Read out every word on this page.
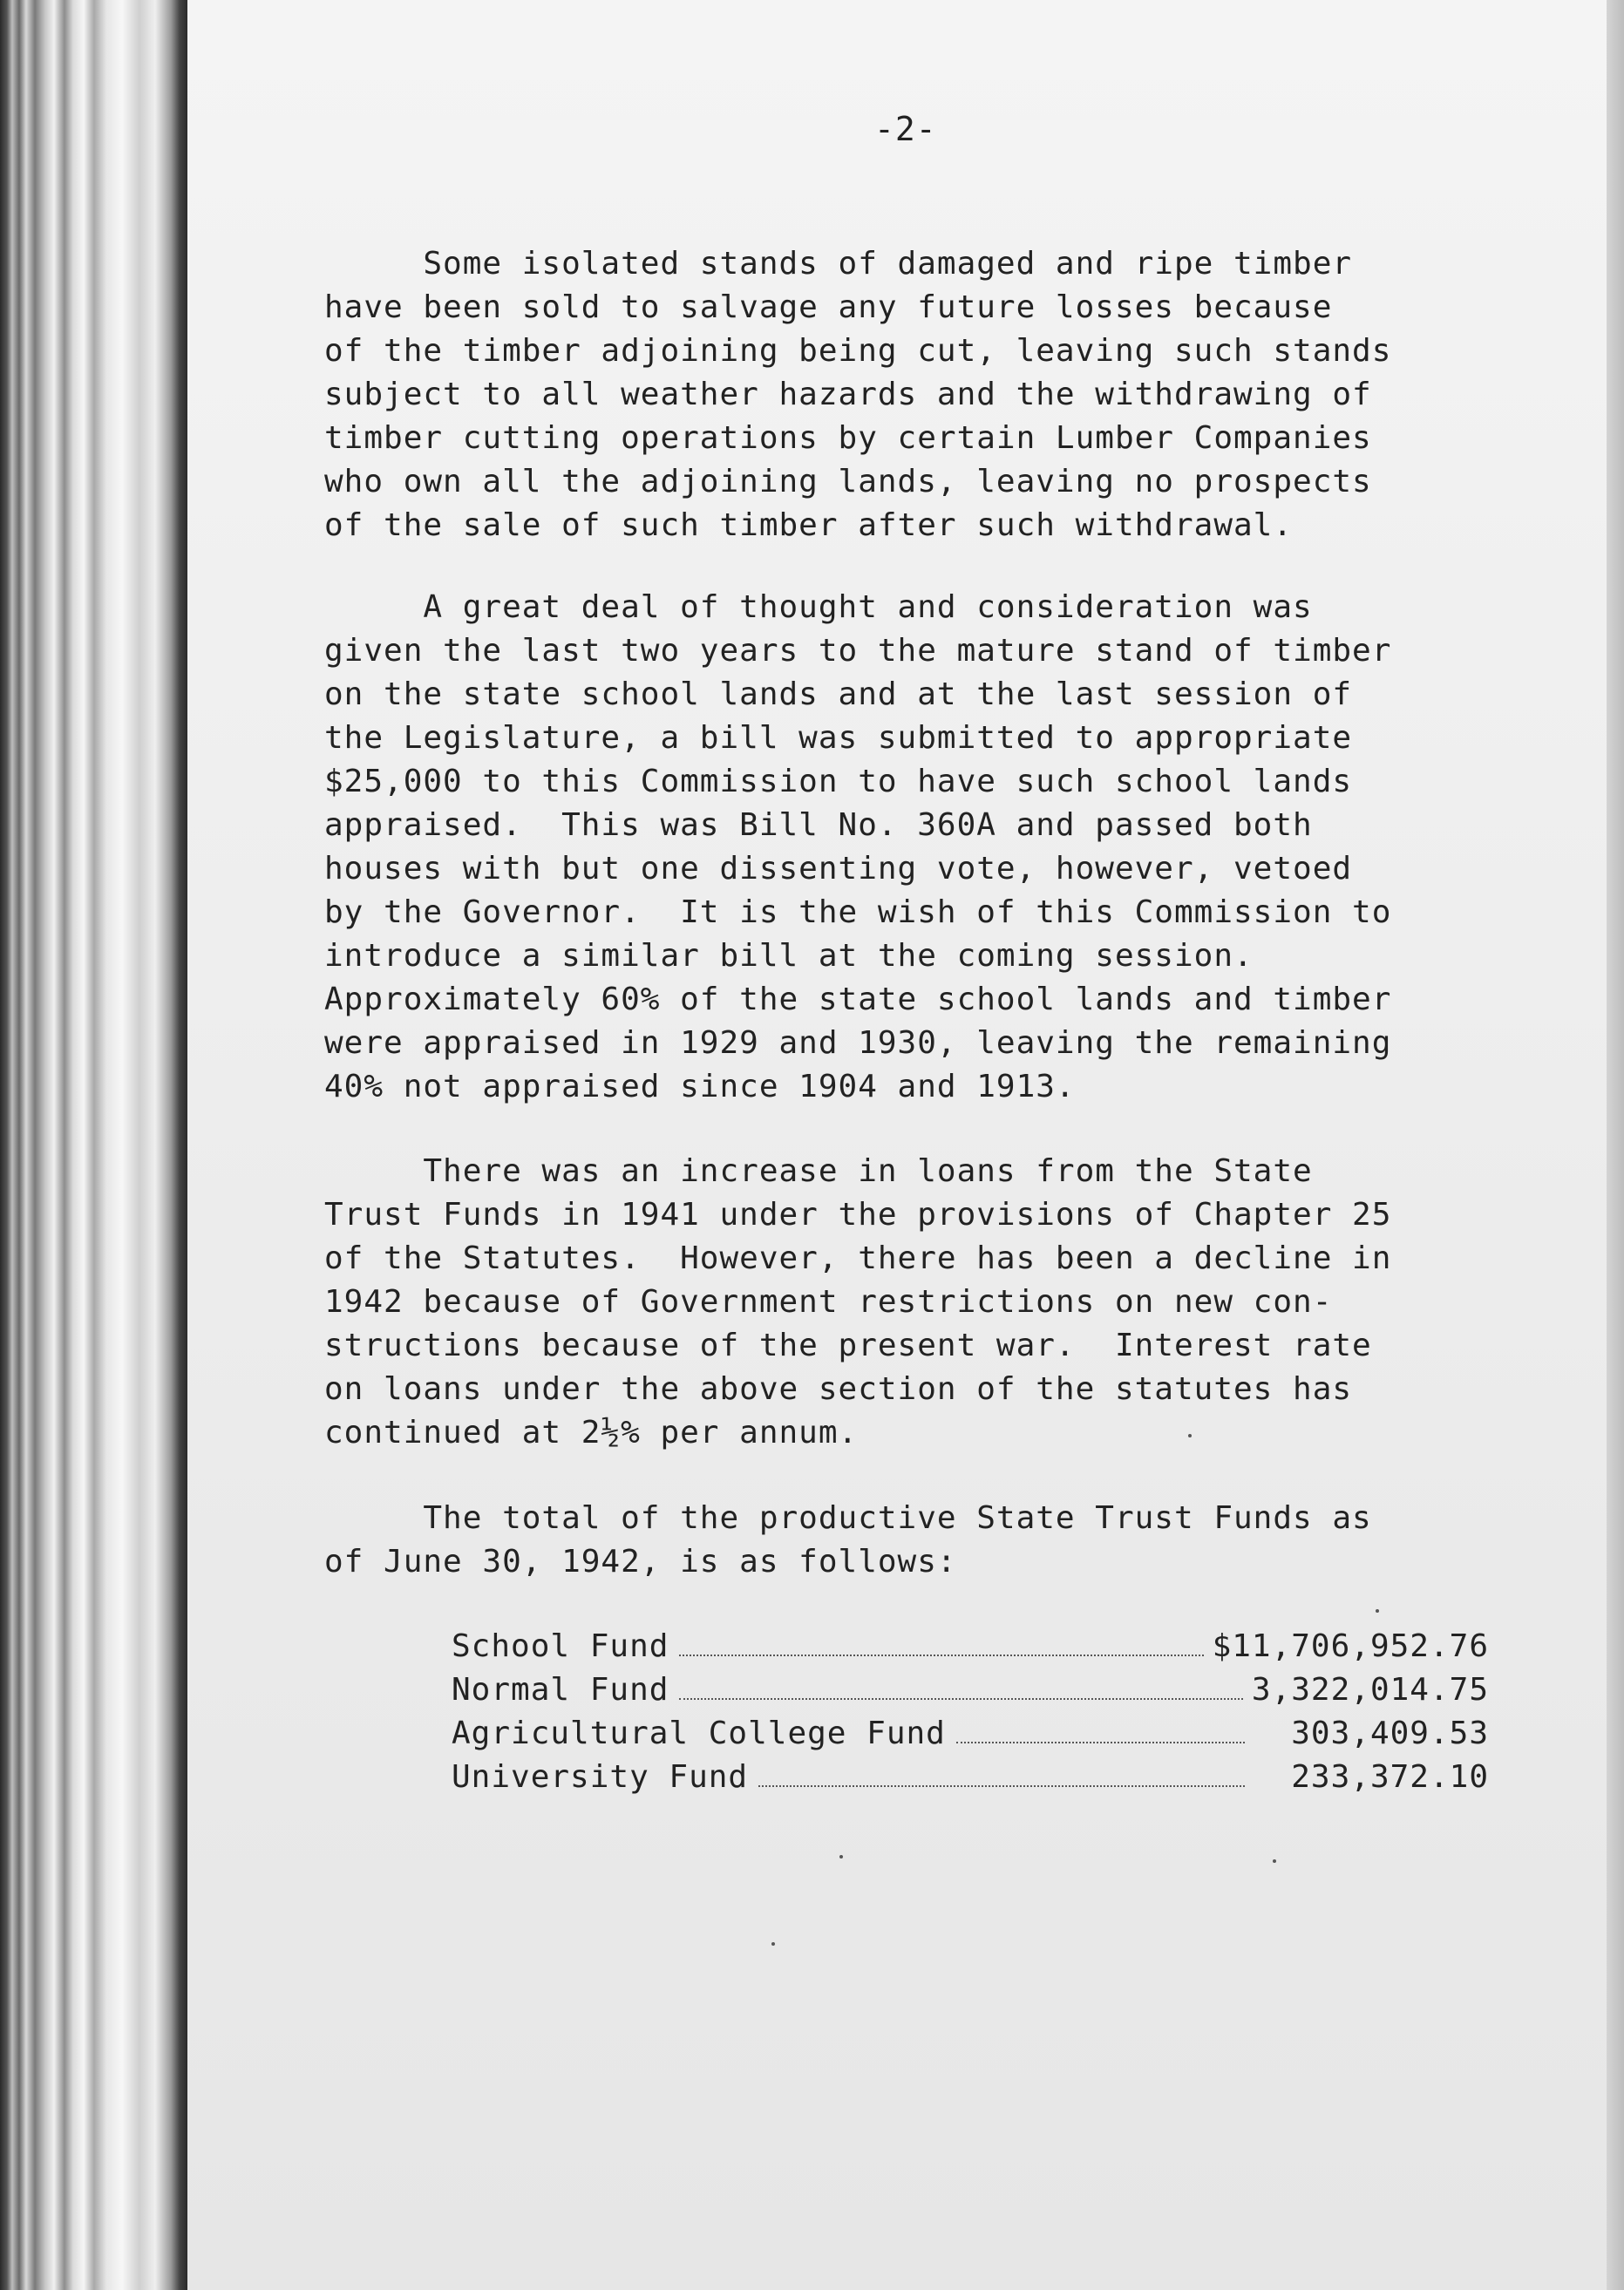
-2-
Some isolated stands of damaged and ripe timber
have been sold to salvage any future losses because
of the timber adjoining being cut, leaving such stands
subject to all weather hazards and the withdrawing of
timber cutting operations by certain Lumber Companies
who own all the adjoining lands, leaving no prospects
of the sale of such timber after such withdrawal.
A great deal of thought and consideration was
given the last two years to the mature stand of timber
on the state school lands and at the last session of
the Legislature, a bill was submitted to appropriate
$25,000 to this Commission to have such school lands
appraised.  This was Bill No. 360A and passed both
houses with but one dissenting vote, however, vetoed
by the Governor.  It is the wish of this Commission to
introduce a similar bill at the coming session.
Approximately 60% of the state school lands and timber
were appraised in 1929 and 1930, leaving the remaining
40% not appraised since 1904 and 1913.
There was an increase in loans from the State
Trust Funds in 1941 under the provisions of Chapter 25
of the Statutes.  However, there has been a decline in
1942 because of Government restrictions on new con-
structions because of the present war.  Interest rate
on loans under the above section of the statutes has
continued at 2½% per annum.
The total of the productive State Trust Funds as
of June 30, 1942, is as follows:
School Fund	$11,706,952.76
Normal Fund	3,322,014.75
Agricultural College Fund	303,409.53
University Fund	233,372.10
